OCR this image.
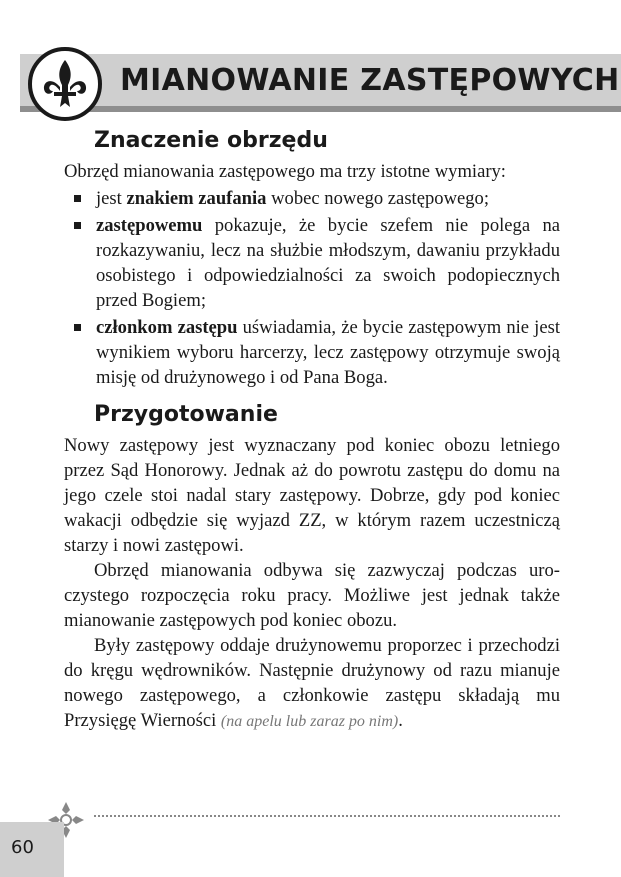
MIANOWANIE ZASTĘPOWYCH
Znaczenie obrzędu

Obrzęd mianowania zastępowego ma trzy istotne wymiary:

jest znakiem zaufania wobec nowego zastępowego;
zastępowemu pokazuje, że bycie szefem nie polega na rozkazywaniu, lecz na służbie młodszym, dawaniu przykładu osobistego i odpowiedzialności za swoich podopiecznych przed Bogiem;
członkom zastępu uświadamia, że bycie zastępowym nie jest wynikiem wyboru harcerzy, lecz zastępowy otrzymuje swoją misję od drużynowego i od Pana Boga.
Przygotowanie

Nowy zastępowy jest wyznaczany pod koniec obozu letniego przez Sąd Honorowy. Jednak aż do powrotu zastępu do domu na jego czele stoi nadal stary zastępowy. Dobrze, gdy pod koniec wakacji odbędzie się wyjazd ZZ, w którym razem uczestniczą starzy i nowi zastępowi.

Obrzęd mianowania odbywa się zazwyczaj podczas uroczystego rozpoczęcia roku pracy. Możliwe jest jednak także mianowanie zastępowych pod koniec obozu.

Były zastępowy oddaje drużynowemu proporzec i przechodzi do kręgu wędrowników. Następnie drużynowy od razu mianuje nowego zastępowego, a członkowie zastępu składają mu Przysięgę Wierności (na apelu lub zaraz po nim).

60
